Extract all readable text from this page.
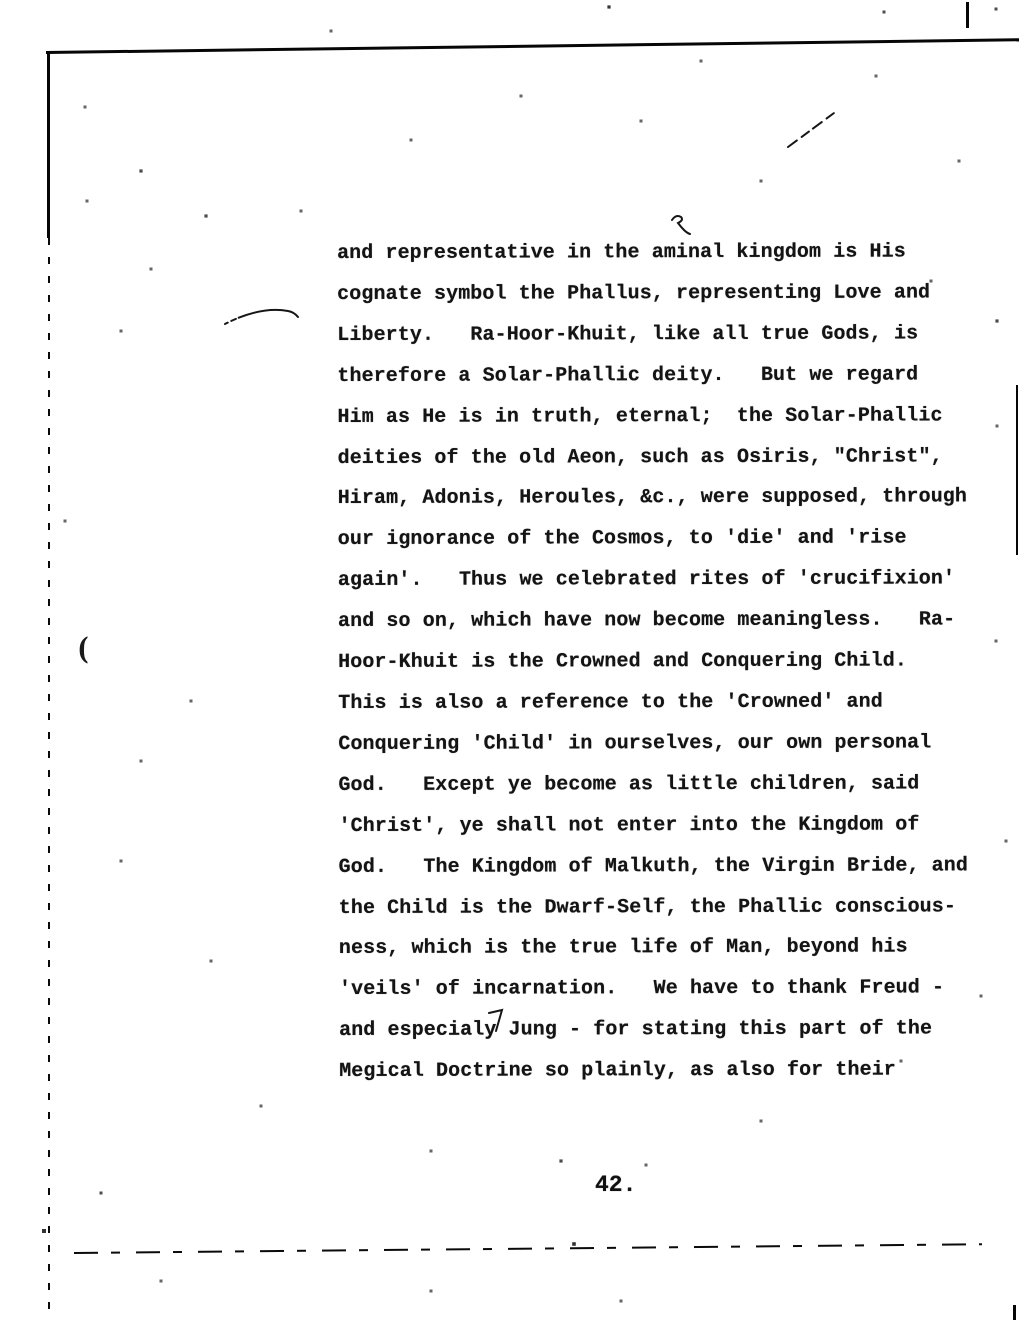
(
and representative in the aminal kingdom is His
cognate symbol the Phallus, representing Love and
Liberty.   Ra-Hoor-Khuit, like all true Gods, is
therefore a Solar-Phallic deity.   But we regard
Him as He is in truth, eternal;  the Solar-Phallic
deities of the old Aeon, such as Osiris, "Christ",
Hiram, Adonis, Heroules, &c., were supposed, through
our ignorance of the Cosmos, to 'die' and 'rise
again'.   Thus we celebrated rites of 'crucifixion'
and so on, which have now become meaningless.   Ra-
Hoor-Khuit is the Crowned and Conquering Child.
This is also a reference to the 'Crowned' and
Conquering 'Child' in ourselves, our own personal
God.   Except ye become as little children, said
'Christ', ye shall not enter into the Kingdom of
God.   The Kingdom of Malkuth, the Virgin Bride, and
the Child is the Dwarf-Self, the Phallic conscious-
ness, which is the true life of Man, beyond his
'veils' of incarnation.   We have to thank Freud -
and especialy Jung - for stating this part of the
Megical Doctrine so plainly, as also for their
42.
